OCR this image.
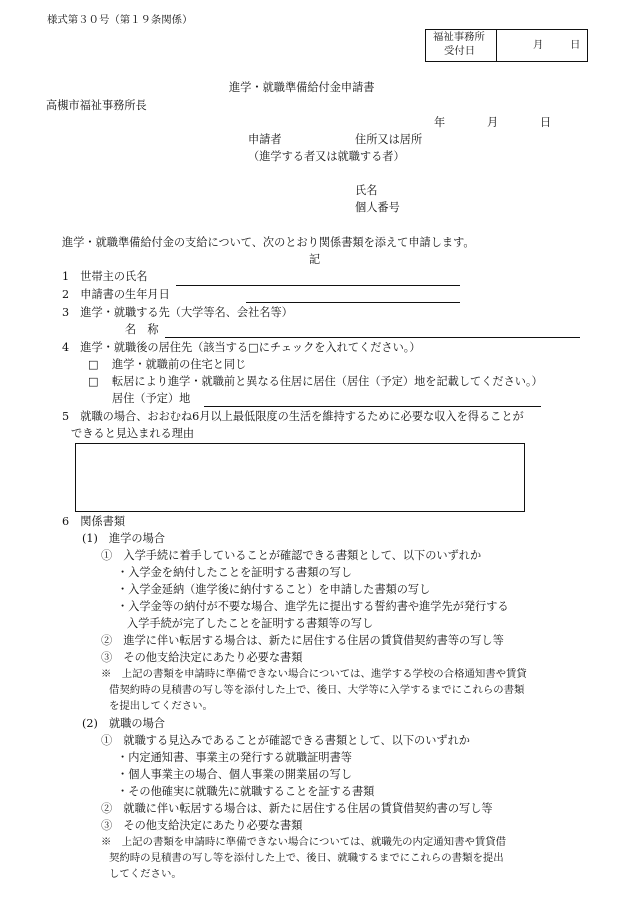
様式第３０号（第１９条関係）
福祉事務所
受付日	月	日
進学・就職準備給付金申請書
高槻市福祉事務所長
年	月	日
申請者	住所又は居所
（進学する者又は就職する者）
氏名
個人番号
進学・就職準備給付金の支給について、次のとおり関係書類を添えて申請します。
記
1　世帯主の氏名
2　申請書の生年月日
3　進学・就職する先（大学等名、会社名等）
名　称
4　進学・就職後の居住先（該当する□にチェックを入れてください。）
□ 進学・就職前の住宅と同じ
□ 転居により進学・就職前と異なる住居に居住（居住（予定）地を記載してください。）
居住（予定）地
5　就職の場合、おおむね6月以上最低限度の生活を維持するために必要な収入を得ることが
できると見込まれる理由
6　関係書類
(1)　進学の場合
①　入学手続に着手していることが確認できる書類として、以下のいずれか
・入学金を納付したことを証明する書類の写し
・入学金延納（進学後に納付すること）を申請した書類の写し
・入学金等の納付が不要な場合、進学先に提出する誓約書や進学先が発行する
入学手続が完了したことを証明する書類等の写し
②　進学に伴い転居する場合は、新たに居住する住居の賃貸借契約書等の写し等
③　その他支給決定にあたり必要な書類
※　上記の書類を申請時に準備できない場合については、進学する学校の合格通知書や賃貸
借契約時の見積書の写し等を添付した上で、後日、大学等に入学するまでにこれらの書類
を提出してください。
(2)　就職の場合
①　就職する見込みであることが確認できる書類として、以下のいずれか
・内定通知書、事業主の発行する就職証明書等
・個人事業主の場合、個人事業の開業届の写し
・その他確実に就職先に就職することを証する書類
②　就職に伴い転居する場合は、新たに居住する住居の賃貸借契約書の写し等
③　その他支給決定にあたり必要な書類
※　上記の書類を申請時に準備できない場合については、就職先の内定通知書や賃貸借
契約時の見積書の写し等を添付した上で、後日、就職するまでにこれらの書類を提出
してください。
